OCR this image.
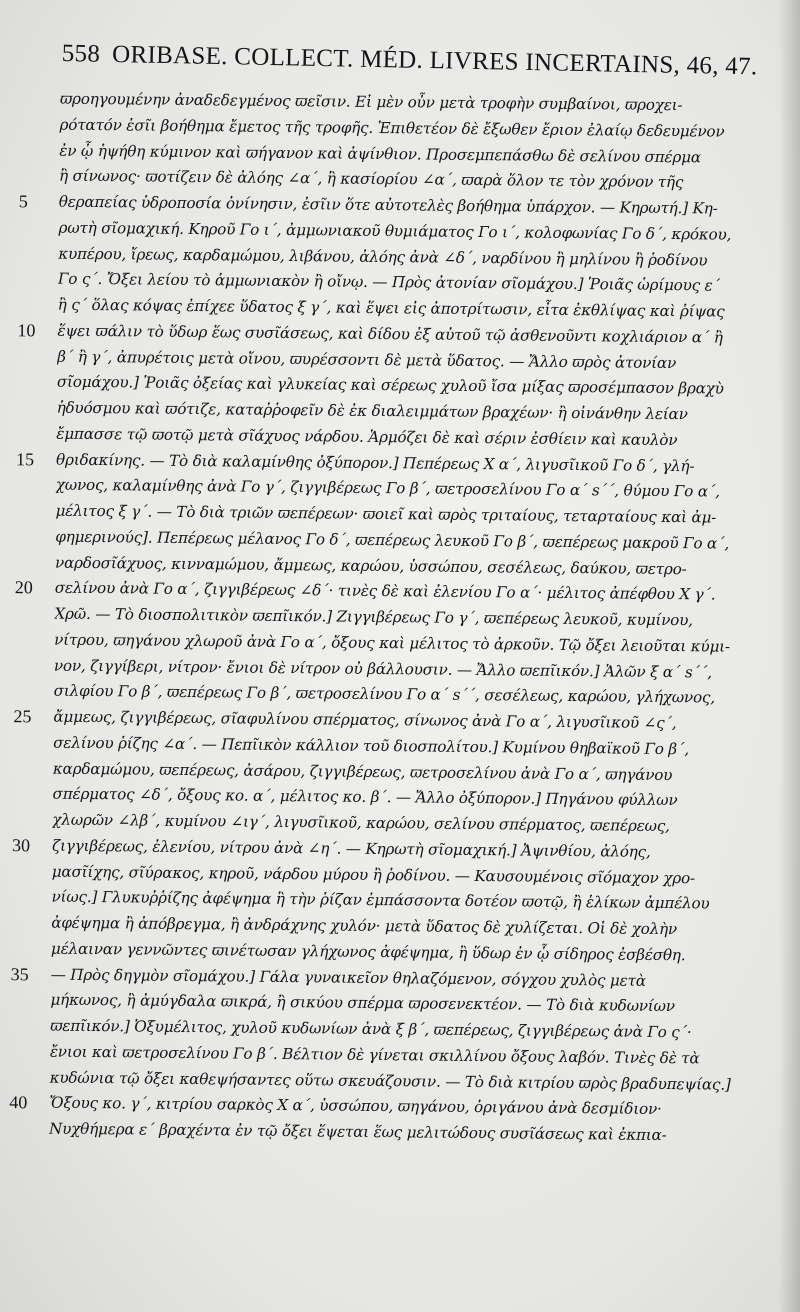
558 ORIBASE. COLLECT. MÉD. LIVRES INCERTAINS, 46, 47.
ϖροηγουμένην ἀναδεδεγμένος ϖεῖσιν. Εἰ μὲν οὖν μετὰ τροφὴν συμβαίνοι, ϖροχει-
ρότατόν ἐσῖι βοήθημα ἔμετος τῆς τροφῆς. Ἐπιθετέον δὲ ἔξωθεν ἔριον ἐλαίῳ δεδευμένον
ἐν ᾧ ἡψήθη κύμινον καὶ ϖήγανον καὶ ἀψίνθιον. Προσεμπεπάσθω δὲ σελίνου σπέρμα
ἢ σίνωνος· ϖοτίζειν δὲ ἀλόης ∠α΄, ἢ κασίορίου ∠α΄, ϖαρὰ ὅλον τε τὸν χρόνον τῆς
5	θεραπείας ὑδροποσία ὀνίνησιν, ἐσῖιν ὅτε αὐτοτελὲς βοήθημα ὑπάρχον. — Κηρωτή.] Κη-
ρωτὴ σῖομαχική. Κηροῦ Γο ι΄, ἀμμωνιακοῦ θυμιάματος Γο ι΄, κολοφωνίας Γο δ΄, κρόκου,
κυπέρου, ἴρεως, καρδαμώμου, λιβάνου, ἀλόης ἀνὰ ∠δ΄, ναρδίνου ἢ μηλίνου ἢ ῥοδίνου
Γο ς΄. Ὄξει λείου τὸ ἀμμωνιακὸν ἢ οἴνῳ. — Πρὸς ἀτονίαν σῖομάχου.] Ῥοιᾶς ὡρίμους ε΄
ἢ ς΄ ὅλας κόψας ἐπίχεε ὕδατος ξ γ΄, καὶ ἕψει εἰς ἀποτρίτωσιν, εἶτα ἐκθλίψας καὶ ῥίψας
10	ἕψει ϖάλιν τὸ ὕδωρ ἕως συσῖάσεως, καὶ δίδου ἐξ αὐτοῦ τῷ ἀσθενοῦντι κοχλιάριον α΄ ἢ
β΄ ἢ γ΄, ἀπυρέτοις μετὰ οἴνου, ϖυρέσσοντι δὲ μετὰ ὕδατος. — Ἄλλο ϖρὸς ἀτονίαν
σῖομάχου.] Ῥοιᾶς ὀξείας καὶ γλυκείας καὶ σέρεως χυλοῦ ἴσα μίξας ϖροσέμπασον βραχὺ
ἡδυόσμου καὶ ϖότιζε, καταῤῥοφεῖν δὲ ἐκ διαλειμμάτων βραχέων· ἢ οἰνάνθην λείαν
ἔμπασσε τῷ ϖοτῷ μετὰ σῖάχυος νάρδου. Ἁρμόζει δὲ καὶ σέριν ἐσθίειν καὶ καυλὸν
15	θριδακίνης. — Τὸ διὰ καλαμίνθης ὀξύπορον.] Πεπέρεως Ⅹ α΄, λιγυσῖικοῦ Γο δ΄, γλή-
χωνος, καλαμίνθης ἀνὰ Γο γ΄, ζιγγιβέρεως Γο β΄, ϖετροσελίνου Γο α΄ s΄΄, θύμου Γο α΄,
μέλιτος ξ γ΄. — Τὸ διὰ τριῶν ϖεπέρεων· ϖοιεῖ καὶ ϖρὸς τριταίους, τεταρταίους καὶ ἀμ-
φημερινούς]. Πεπέρεως μέλανος Γο δ΄, ϖεπέρεως λευκοῦ Γο β΄, ϖεπέρεως μακροῦ Γο α΄,
ναρδοσῖάχυος, κινναμώμου, ἄμμεως, καρώου, ὑσσώπου, σεσέλεως, δαύκου, ϖετρο-
20	σελίνου ἀνὰ Γο α΄, ζιγγιβέρεως ∠δ΄· τινὲς δὲ καὶ ἐλενίου Γο α΄· μέλιτος ἀπέφθου Ⅹ γ΄.
Χρῶ. — Τὸ διοσπολιτικὸν ϖεπῖικόν.] Ζιγγιβέρεως Γο γ΄, ϖεπέρεως λευκοῦ, κυμίνου,
νίτρου, ϖηγάνου χλωροῦ ἀνὰ Γο α΄, ὄξους καὶ μέλιτος τὸ ἀρκοῦν. Τῷ ὄξει λειοῦται κύμι-
νον, ζιγγίβερι, νίτρον· ἔνιοι δὲ νίτρον οὐ βάλλουσιν. — Ἄλλο ϖεπῖικόν.] Ἁλῶν ξ α΄ s΄΄,
σιλφίου Γο β΄, ϖεπέρεως Γο β΄, ϖετροσελίνου Γο α΄ s΄΄, σεσέλεως, καρώου, γλήχωνος,
25	ἄμμεως, ζιγγιβέρεως, σῖαφυλίνου σπέρματος, σίνωνος ἀνὰ Γο α΄, λιγυσῖικοῦ ∠ς΄,
σελίνου ῥίζης ∠α΄. — Πεπῖικὸν κάλλιον τοῦ διοσπολίτου.] Κυμίνου θηβαϊκοῦ Γο β΄,
καρδαμώμου, ϖεπέρεως, ἀσάρου, ζιγγιβέρεως, ϖετροσελίνου ἀνὰ Γο α΄, ϖηγάνου
σπέρματος ∠δ΄, ὄξους κο. α΄, μέλιτος κο. β΄. — Ἄλλο ὀξύπορον.] Πηγάνου φύλλων
χλωρῶν ∠λβ΄, κυμίνου ∠ιγ΄, λιγυσῖικοῦ, καρώου, σελίνου σπέρματος, ϖεπέρεως,
30	ζιγγιβέρεως, ἐλενίου, νίτρου ἀνὰ ∠η΄. — Κηρωτὴ σῖομαχική.] Ἀψινθίου, ἀλόης,
μασῖίχης, σῖύρακος, κηροῦ, νάρδου μύρου ἢ ῥοδίνου. — Καυσουμένοις σῖόμαχον χρο-
νίως.] Γλυκυῤῥίζης ἀφέψημα ἢ τὴν ῥίζαν ἐμπάσσοντα δοτέον ϖοτῷ, ἢ ἑλίκων ἀμπέλου
ἀφέψημα ἢ ἀπόβρεγμα, ἢ ἀνδράχνης χυλόν· μετὰ ὕδατος δὲ χυλίζεται. Οἱ δὲ χολὴν
μέλαιναν γεννῶντες ϖινέτωσαν γλήχωνος ἀφέψημα, ἢ ὕδωρ ἐν ᾧ σίδηρος ἐσβέσθη.
35	— Πρὸς δηγμὸν σῖομάχου.] Γάλα γυναικεῖον θηλαζόμενον, σόγχου χυλὸς μετὰ
μήκωνος, ἢ ἀμύγδαλα ϖικρά, ἢ σικύου σπέρμα ϖροσενεκτέον. — Τὸ διὰ κυδωνίων
ϖεπῖικόν.] Ὀξυμέλιτος, χυλοῦ κυδωνίων ἀνὰ ξ β΄, ϖεπέρεως, ζιγγιβέρεως ἀνὰ Γο ς΄·
ἔνιοι καὶ ϖετροσελίνου Γο β΄. Βέλτιον δὲ γίνεται σκιλλίνου ὄξους λαβόν. Τινὲς δὲ τὰ
κυδώνια τῷ ὄξει καθεψήσαντες οὕτω σκευάζουσιν. — Τὸ διὰ κιτρίου ϖρὸς βραδυπεψίας.]
40	Ὄξους κο. γ΄, κιτρίου σαρκὸς Ⅹ α΄, ὑσσώπου, ϖηγάνου, ὀριγάνου ἀνὰ δεσμίδιον·
Νυχθήμερα ε΄ βραχέντα ἐν τῷ ὄξει ἕψεται ἕως μελιτώδους συσῖάσεως καὶ ἐκπια-
